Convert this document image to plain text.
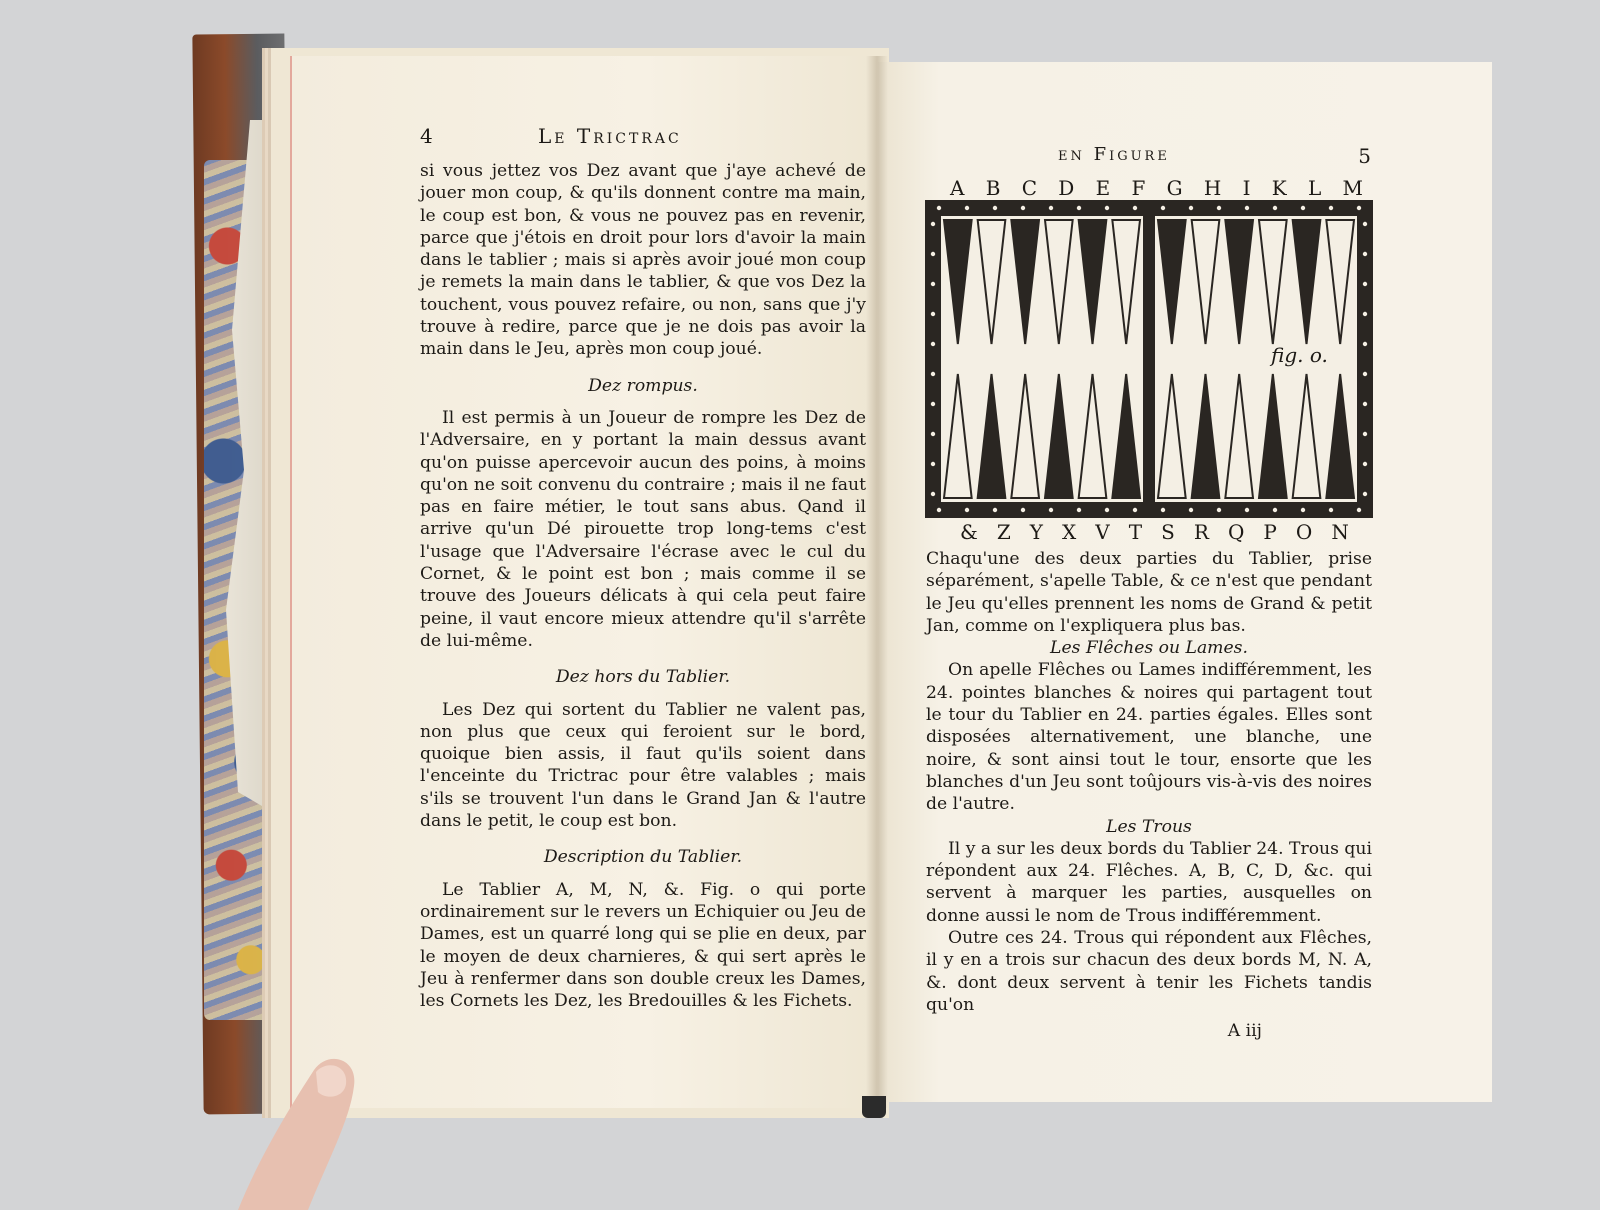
4	Le Trictrac

si vous jettez vos Dez avant que j'aye achevé de jouer mon coup, & qu'ils donnent contre ma main, le coup est bon, & vous ne pouvez pas en revenir, parce que j'étois en droit pour lors d'avoir la main dans le tablier ; mais si après avoir joué mon coup je remets la main dans le tablier, & que vos Dez la touchent, vous pouvez refaire, ou non, sans que j'y trouve à redire, parce que je ne dois pas avoir la main dans le Jeu, après mon coup joué.

Dez rompus.

Il est permis à un Joueur de rompre les Dez de l'Adversaire, en y portant la main dessus avant qu'on puisse apercevoir aucun des poins, à moins qu'on ne soit convenu du contraire ; mais il ne faut pas en faire métier, le tout sans abus. Qand il arrive qu'un Dé pirouette trop long-tems c'est l'usage que l'Adversaire l'écrase avec le cul du Cornet, & le point est bon ; mais comme il se trouve des Joueurs délicats à qui cela peut faire peine, il vaut encore mieux attendre qu'il s'arrête de lui-même.

Dez hors du Tablier.

Les Dez qui sortent du Tablier ne valent pas, non plus que ceux qui feroient sur le bord, quoique bien assis, il faut qu'ils soient dans l'enceinte du Trictrac pour être valables ; mais s'ils se trouvent l'un dans le Grand Jan & l'autre dans le petit, le coup est bon.

Description du Tablier.

Le Tablier A, M, N, &. Fig. o qui porte ordinairement sur le revers un Echiquier ou Jeu de Dames, est un quarré long qui se plie en deux, par le moyen de deux charnieres, & qui sert après le Jeu à renfermer dans son double creux les Dames, les Cornets les Dez, les Bredouilles & les Fichets.

en Figure	5
A B C D E F G H I K L M
fig. o.
& Z Y X V T S R Q P O N

Chaqu'une des deux parties du Tablier, prise séparément, s'apelle Table, & ce n'est que pendant le Jeu qu'elles prennent les noms de Grand & petit Jan, comme on l'expliquera plus bas.

Les Flêches ou Lames.

On apelle Flêches ou Lames indifféremment, les 24. pointes blanches & noires qui partagent tout le tour du Tablier en 24. parties égales. Elles sont disposées alternativement, une blanche, une noire, & sont ainsi tout le tour, ensorte que les blanches d'un Jeu sont toûjours vis-à-vis des noires de l'autre.

Les Trous

Il y a sur les deux bords du Tablier 24. Trous qui répondent aux 24. Flêches. A, B, C, D, &c. qui servent à marquer les parties, ausquelles on donne aussi le nom de Trous indifféremment.

Outre ces 24. Trous qui répondent aux Flêches, il y en a trois sur chacun des deux bords M, N. A, &. dont deux servent à tenir les Fichets tandis qu'on

A iij
